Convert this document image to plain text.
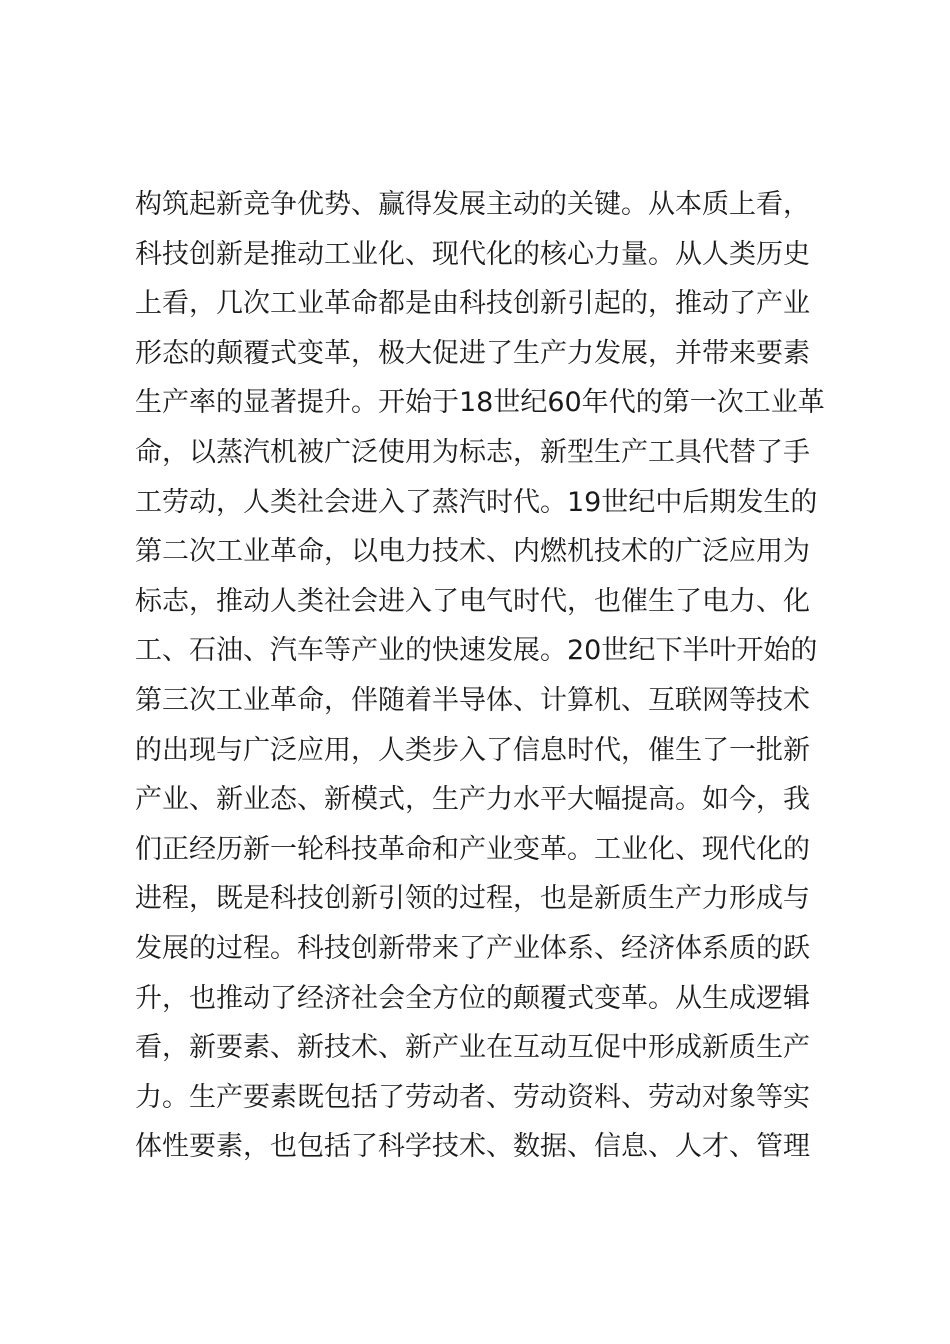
构筑起新竞争优势、赢得发展主动的关键。从本质上看，
科技创新是推动工业化、现代化的核心力量。从人类历史
上看，几次工业革命都是由科技创新引起的，推动了产业
形态的颠覆式变革，极大促进了生产力发展，并带来要素
生产率的显著提升。开始于18世纪60年代的第一次工业革
命，以蒸汽机被广泛使用为标志，新型生产工具代替了手
工劳动，人类社会进入了蒸汽时代。19世纪中后期发生的
第二次工业革命，以电力技术、内燃机技术的广泛应用为
标志，推动人类社会进入了电气时代，也催生了电力、化
工、石油、汽车等产业的快速发展。20世纪下半叶开始的
第三次工业革命，伴随着半导体、计算机、互联网等技术
的出现与广泛应用，人类步入了信息时代，催生了一批新
产业、新业态、新模式，生产力水平大幅提高。如今，我
们正经历新一轮科技革命和产业变革。工业化、现代化的
进程，既是科技创新引领的过程，也是新质生产力形成与
发展的过程。科技创新带来了产业体系、经济体系质的跃
升，也推动了经济社会全方位的颠覆式变革。从生成逻辑
看，新要素、新技术、新产业在互动互促中形成新质生产
力。生产要素既包括了劳动者、劳动资料、劳动对象等实
体性要素，也包括了科学技术、数据、信息、人才、管理
